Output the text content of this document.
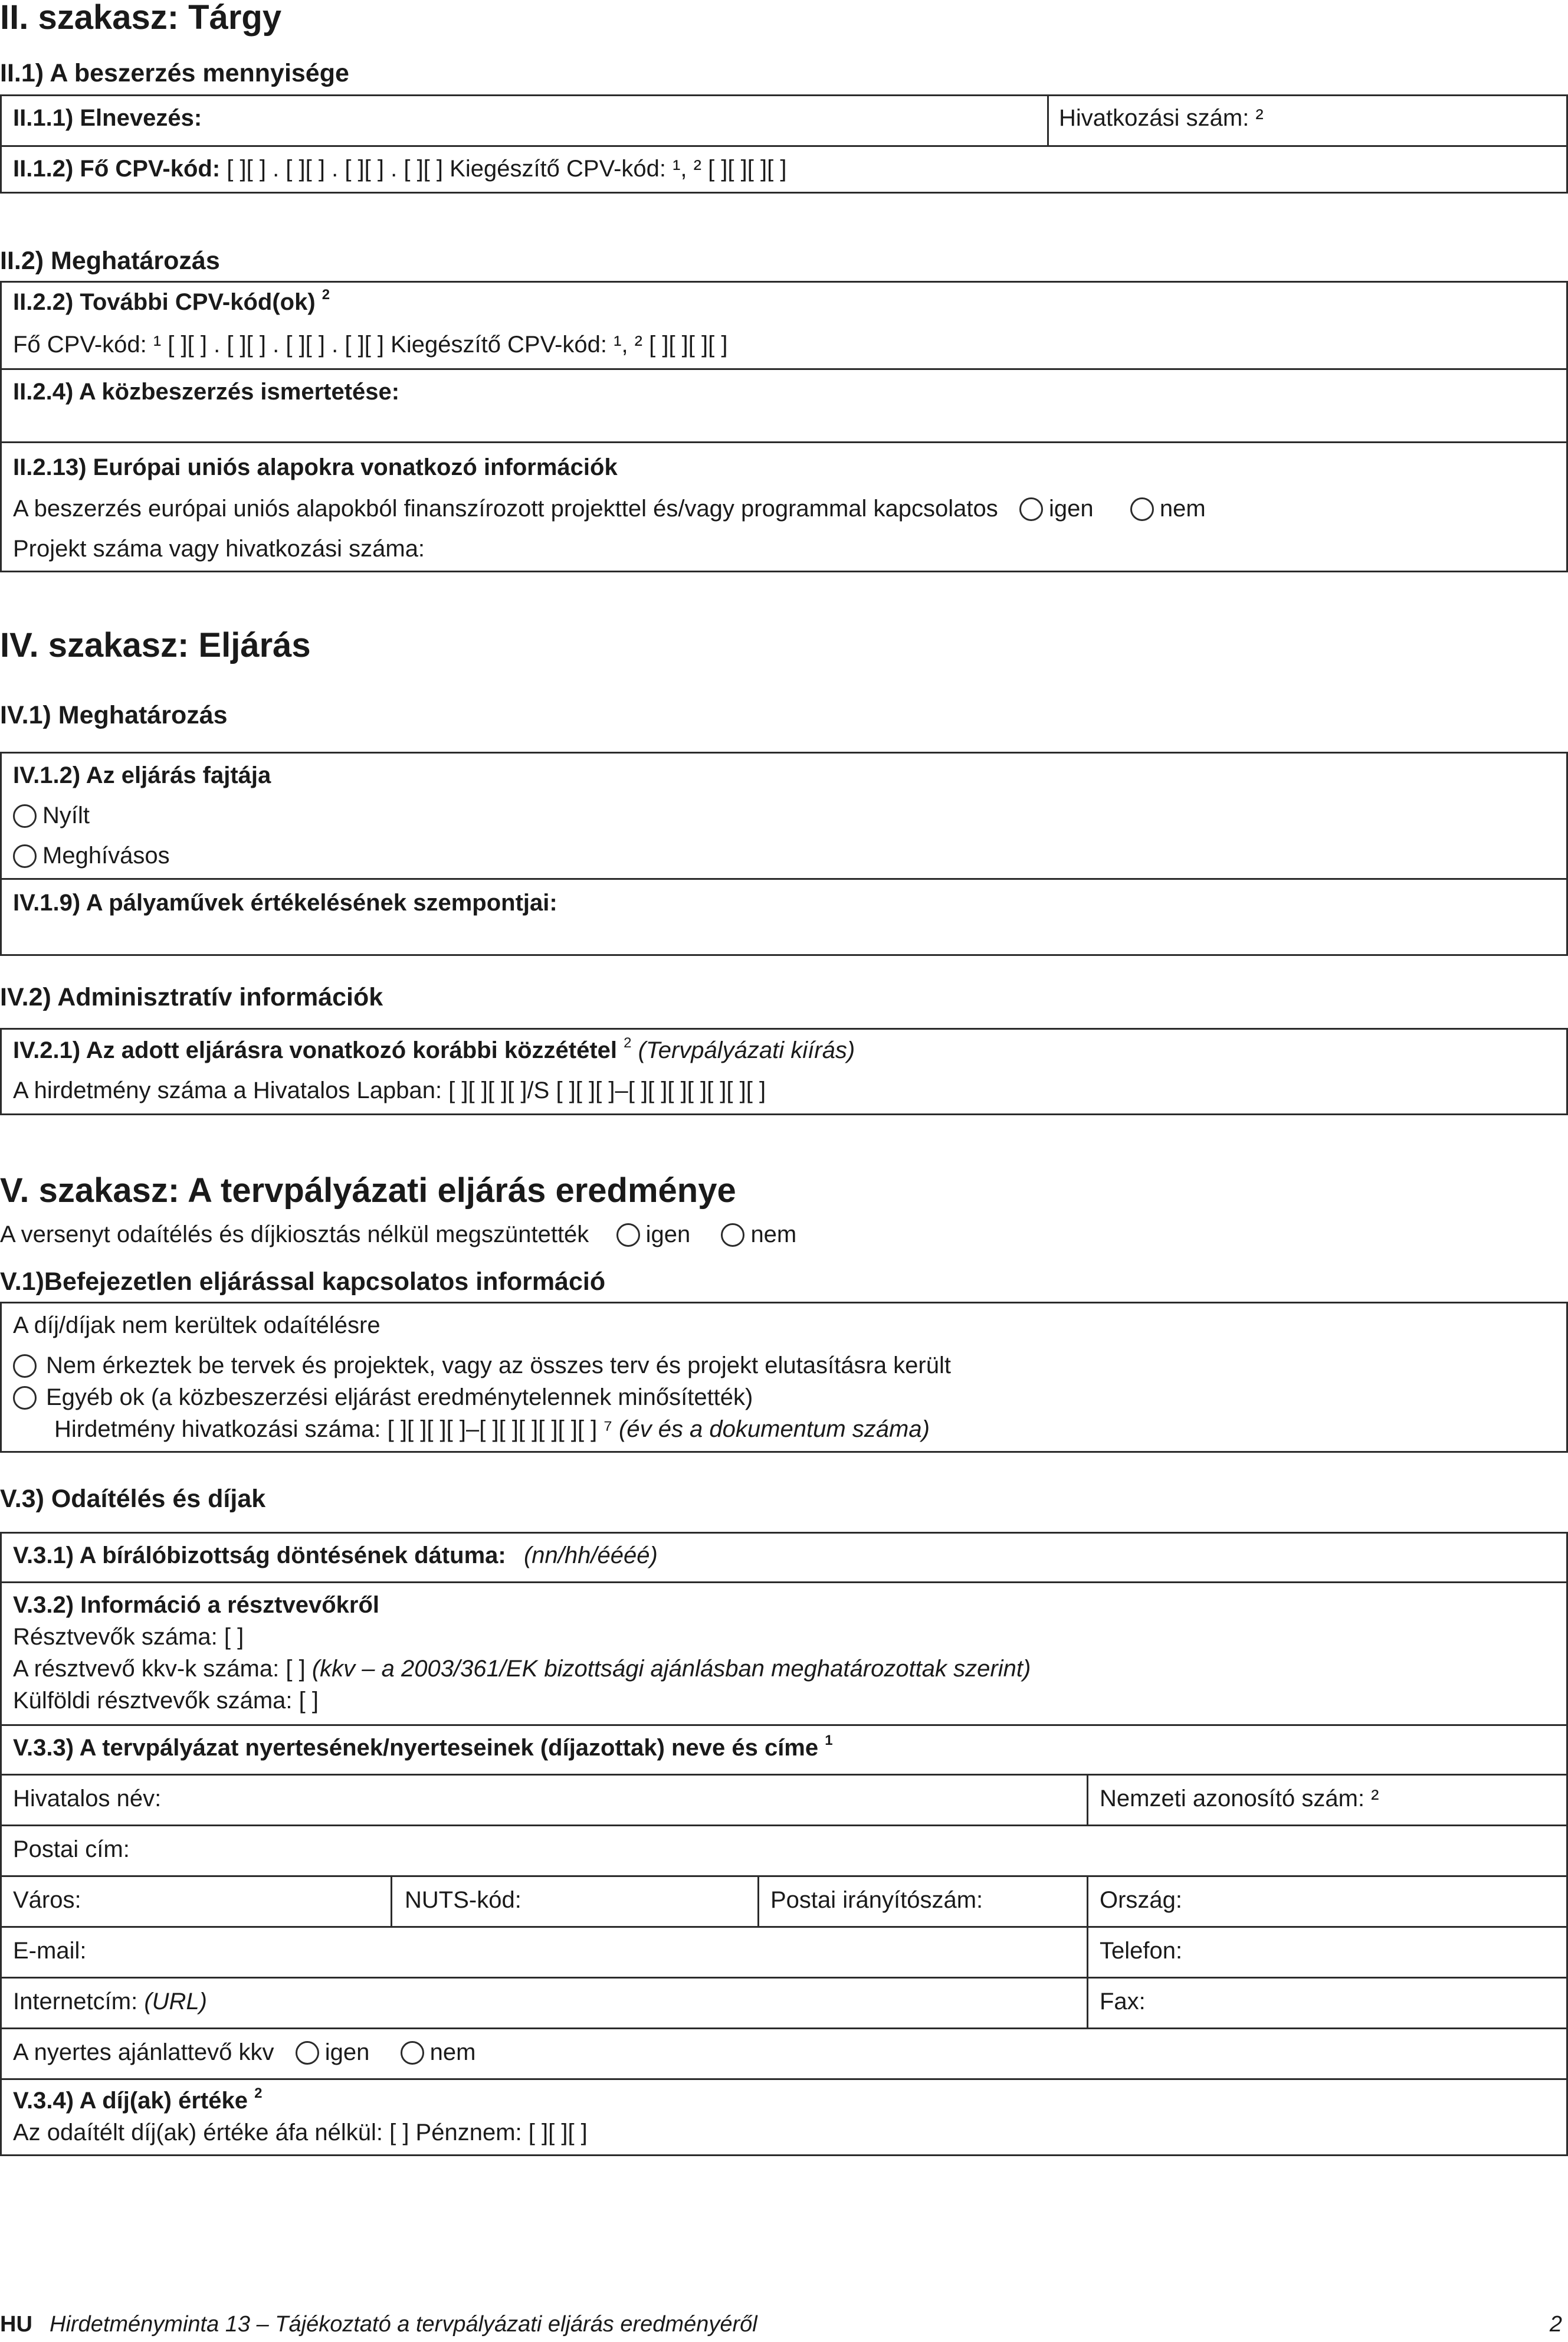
II. szakasz: Tárgy
II.1) A beszerzés mennyisége
II.1.1) Elnevezés:	Hivatkozási szám: ²
II.1.2) Fő CPV-kód: [ ][ ] . [ ][ ] . [ ][ ] . [ ][ ] Kiegészítő CPV-kód: ¹, ² [ ][ ][ ][ ]
II.2) Meghatározás
II.2.2) További CPV-kód(ok) $^2$
Fő CPV-kód: ¹ [ ][ ] . [ ][ ] . [ ][ ] . [ ][ ] Kiegészítő CPV-kód: ¹, ² [ ][ ][ ][ ]
II.2.4) A közbeszerzés ismertetése:
II.2.13) Európai uniós alapokra vonatkozó információk
A beszerzés európai uniós alapokból finanszírozott projekttel és/vagy programmal kapcsolatos igen	nem
Projekt száma vagy hivatkozási száma:
IV. szakasz: Eljárás
IV.1) Meghatározás
IV.1.2) Az eljárás fajtája
Nyílt
Meghívásos
IV.1.9) A pályaművek értékelésének szempontjai:
IV.2) Adminisztratív információk
IV.2.1) Az adott eljárásra vonatkozó korábbi közzététel $^2$ (Tervpályázati kiírás)
A hirdetmény száma a Hivatalos Lapban: [ ][ ][ ][ ]/S [ ][ ][ ]–[ ][ ][ ][ ][ ][ ][ ]
V. szakasz: A tervpályázati eljárás eredménye
A versenyt odaítélés és díjkiosztás nélkül megszüntették igen	nem
V.1)Befejezetlen eljárással kapcsolatos információ
A díj/díjak nem kerültek odaítélésre
Nem érkeztek be tervek és projektek, vagy az összes terv és projekt elutasításra került
Egyéb ok (a közbeszerzési eljárást eredménytelennek minősítették)
Hirdetmény hivatkozási száma: [ ][ ][ ][ ]–[ ][ ][ ][ ][ ][ ] ⁷ (év és a dokumentum száma)
V.3) Odaítélés és díjak
V.3.1) A bírálóbizottság döntésének dátuma: (nn/hh/éééé)
V.3.2) Információ a résztvevőkről
Résztvevők száma: [ ]
A résztvevő kkv-k száma: [ ] (kkv – a 2003/361/EK bizottsági ajánlásban meghatározottak szerint)
Külföldi résztvevők száma: [ ]
V.3.3) A tervpályázat nyertesének/nyerteseinek (díjazottak) neve és címe $^1$
Hivatalos név:	Nemzeti azonosító szám: ²
Postai cím:
Város:	NUTS-kód:	Postai irányítószám:	Ország:
E-mail:	Telefon:
Internetcím: (URL)	Fax:
A nyertes ajánlattevő kkv igen	nem
V.3.4) A díj(ak) értéke $^2$
Az odaítélt díj(ak) értéke áfa nélkül: [ ] Pénznem: [ ][ ][ ]
HU Hirdetményminta 13 – Tájékoztató a tervpályázati eljárás eredményéről	2
